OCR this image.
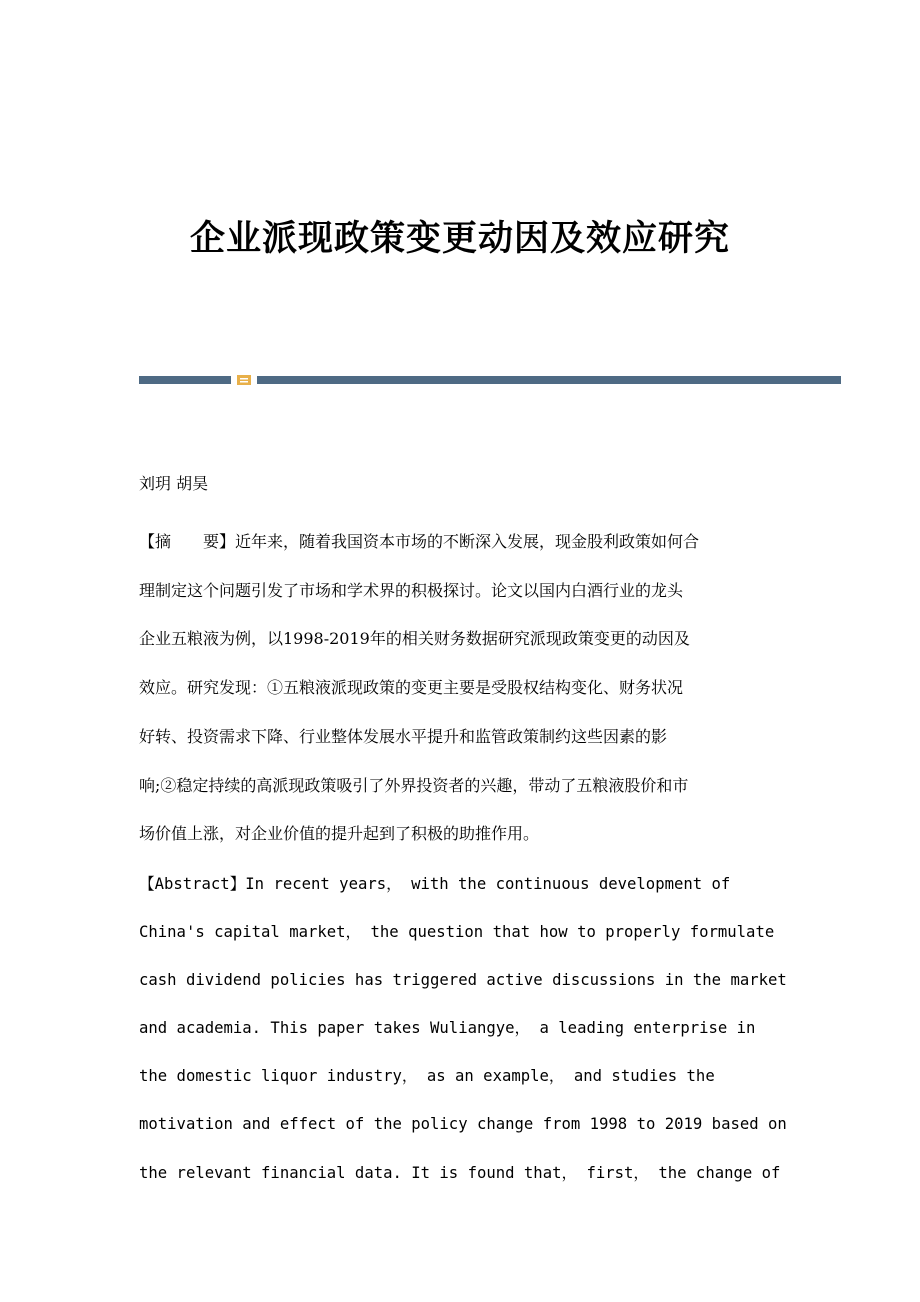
企业派现政策变更动因及效应研究

刘玥 胡昊

【摘　　要】近年来，随着我国资本市场的不断深入发展，现金股利政策如何合
理制定这个问题引发了市场和学术界的积极探讨。论文以国内白酒行业的龙头
企业五粮液为例，以1998-2019年的相关财务数据研究派现政策变更的动因及
效应。研究发现：①五粮液派现政策的变更主要是受股权结构变化、财务状况
好转、投资需求下降、行业整体发展水平提升和监管政策制约这些因素的影
响;②稳定持续的高派现政策吸引了外界投资者的兴趣，带动了五粮液股价和市
场价值上涨，对企业价值的提升起到了积极的助推作用。
【Abstract】In recent years， with the continuous development of
China's capital market， the question that how to properly formulate
cash dividend policies has triggered active discussions in the market
and academia. This paper takes Wuliangye， a leading enterprise in
the domestic liquor industry， as an example， and studies the
motivation and effect of the policy change from 1998 to 2019 based on
the relevant financial data. It is found that， first， the change of
